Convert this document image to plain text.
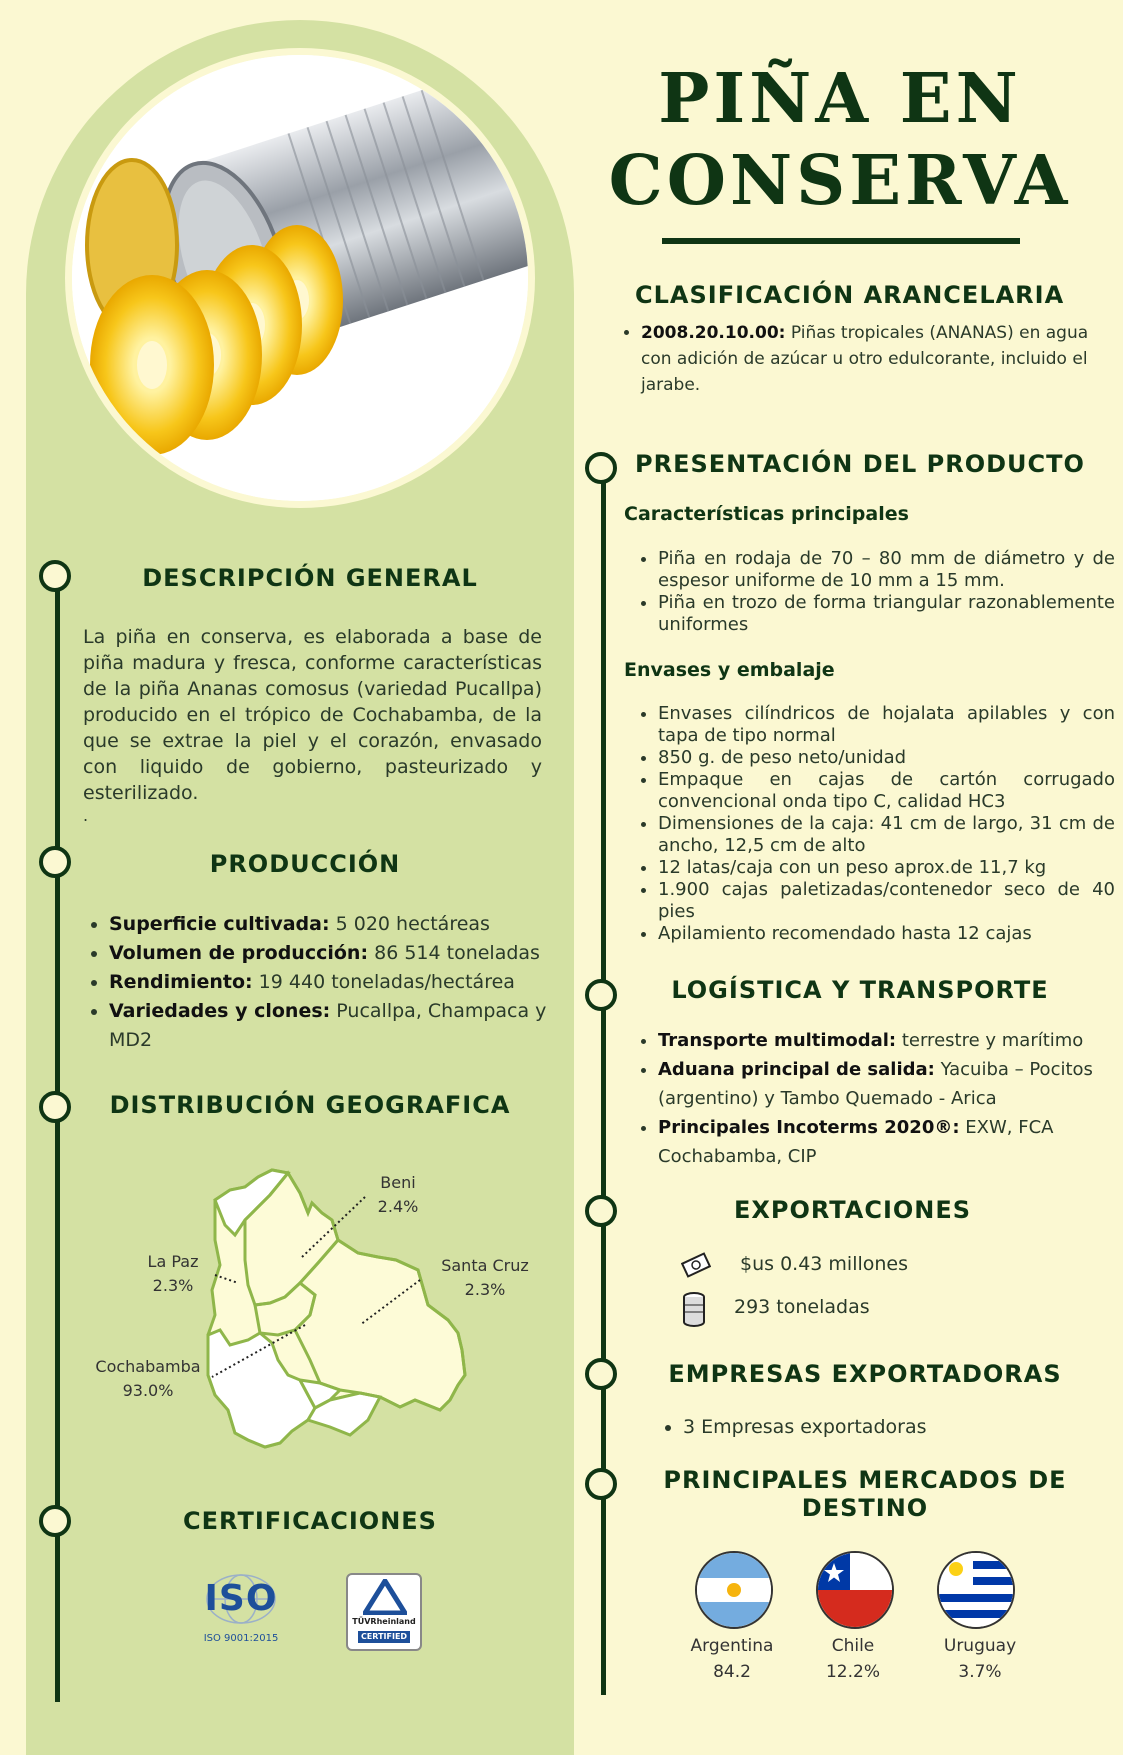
PIÑA EN
CONSERVA
CLASIFICACIÓN ARANCELARIA
• 2008.20.10.00: Piñas tropicales (ANANAS) en agua con adición de azúcar u otro edulcorante, incluido el jarabe.
PRESENTACIÓN DEL PRODUCTO
Características principales
• Piña en rodaja de 70 – 80 mm de diámetro y de espesor uniforme de 10 mm a 15 mm.
• Piña en trozo de forma triangular razonablemente uniformes
Envases y embalaje
• Envases cilíndricos de hojalata apilables y con tapa de tipo normal
• 850 g. de peso neto/unidad
• Empaque en cajas de cartón corrugado convencional onda tipo C, calidad HC3
• Dimensiones de la caja: 41 cm de largo, 31 cm de ancho, 12,5 cm de alto
• 12 latas/caja con un peso aprox.de 11,7 kg
• 1.900 cajas paletizadas/contenedor seco de 40 pies
• Apilamiento recomendado hasta 12 cajas
LOGÍSTICA Y TRANSPORTE
• Transporte multimodal: terrestre y marítimo
• Aduana principal de salida: Yacuiba – Pocitos (argentino) y Tambo Quemado - Arica
• Principales Incoterms 2020®: EXW, FCA Cochabamba, CIP
EXPORTACIONES
$us 0.43 millones
293 toneladas
EMPRESAS EXPORTADORAS
• 3 Empresas exportadoras
PRINCIPALES MERCADOS DE
DESTINO
Argentina
84.2
Chile
12.2%
Uruguay
3.7%
DESCRIPCIÓN GENERAL
La piña en conserva, es elaborada a base de piña madura y fresca, conforme características de la piña Ananas comosus (variedad Pucallpa) producido en el trópico de Cochabamba, de la que se extrae la piel y el corazón, envasado con liquido de gobierno, pasteurizado y esterilizado.
.
PRODUCCIÓN
• Superficie cultivada: 5 020 hectáreas
• Volumen de producción: 86 514 toneladas
• Rendimiento: 19 440 toneladas/hectárea
• Variedades y clones: Pucallpa, Champaca y MD2
DISTRIBUCIÓN GEOGRAFICA
Beni
2.4%
La Paz
2.3%
Santa Cruz
2.3%
Cochabamba
93.0%
CERTIFICACIONES
ISO
ISO 9001:2015
TÜVRheinland
CERTIFIED
